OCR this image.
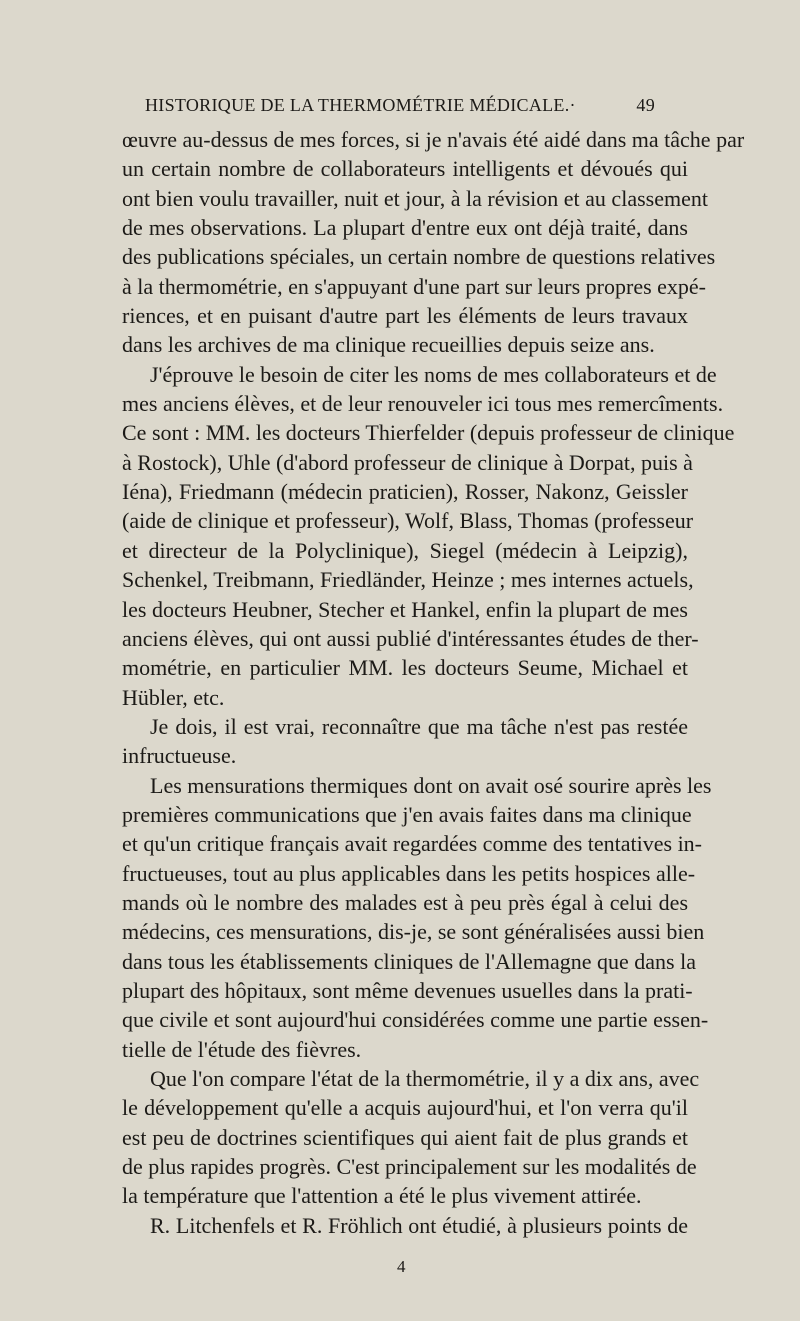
HISTORIQUE DE LA THERMOMÉTRIE MÉDICALE.·	49
œuvre au-dessus de mes forces, si je n'avais été aidé dans ma tâche par
un certain nombre de collaborateurs intelligents et dévoués qui
ont bien voulu travailler, nuit et jour, à la révision et au classement
de mes observations. La plupart d'entre eux ont déjà traité, dans
des publications spéciales, un certain nombre de questions relatives
à la thermométrie, en s'appuyant d'une part sur leurs propres expé-
riences, et en puisant d'autre part les éléments de leurs travaux
dans les archives de ma clinique recueillies depuis seize ans.
J'éprouve le besoin de citer les noms de mes collaborateurs et de
mes anciens élèves, et de leur renouveler ici tous mes remercîments.
Ce sont : MM. les docteurs Thierfelder (depuis professeur de clinique
à Rostock), Uhle (d'abord professeur de clinique à Dorpat, puis à
Iéna), Friedmann (médecin praticien), Rosser, Nakonz, Geissler
(aide de clinique et professeur), Wolf, Blass, Thomas (professeur
et directeur de la Polyclinique), Siegel (médecin à Leipzig),
Schenkel, Treibmann, Friedländer, Heinze ; mes internes actuels,
les docteurs Heubner, Stecher et Hankel, enfin la plupart de mes
anciens élèves, qui ont aussi publié d'intéressantes études de ther-
mométrie, en particulier MM. les docteurs Seume, Michael et
Hübler, etc.
Je dois, il est vrai, reconnaître que ma tâche n'est pas restée
infructueuse.
Les mensurations thermiques dont on avait osé sourire après les
premières communications que j'en avais faites dans ma clinique
et qu'un critique français avait regardées comme des tentatives in-
fructueuses, tout au plus applicables dans les petits hospices alle-
mands où le nombre des malades est à peu près égal à celui des
médecins, ces mensurations, dis-je, se sont généralisées aussi bien
dans tous les établissements cliniques de l'Allemagne que dans la
plupart des hôpitaux, sont même devenues usuelles dans la prati-
que civile et sont aujourd'hui considérées comme une partie essen-
tielle de l'étude des fièvres.
Que l'on compare l'état de la thermométrie, il y a dix ans, avec
le développement qu'elle a acquis aujourd'hui, et l'on verra qu'il
est peu de doctrines scientifiques qui aient fait de plus grands et
de plus rapides progrès. C'est principalement sur les modalités de
la température que l'attention a été le plus vivement attirée.
R. Litchenfels et R. Fröhlich ont étudié, à plusieurs points de
4
